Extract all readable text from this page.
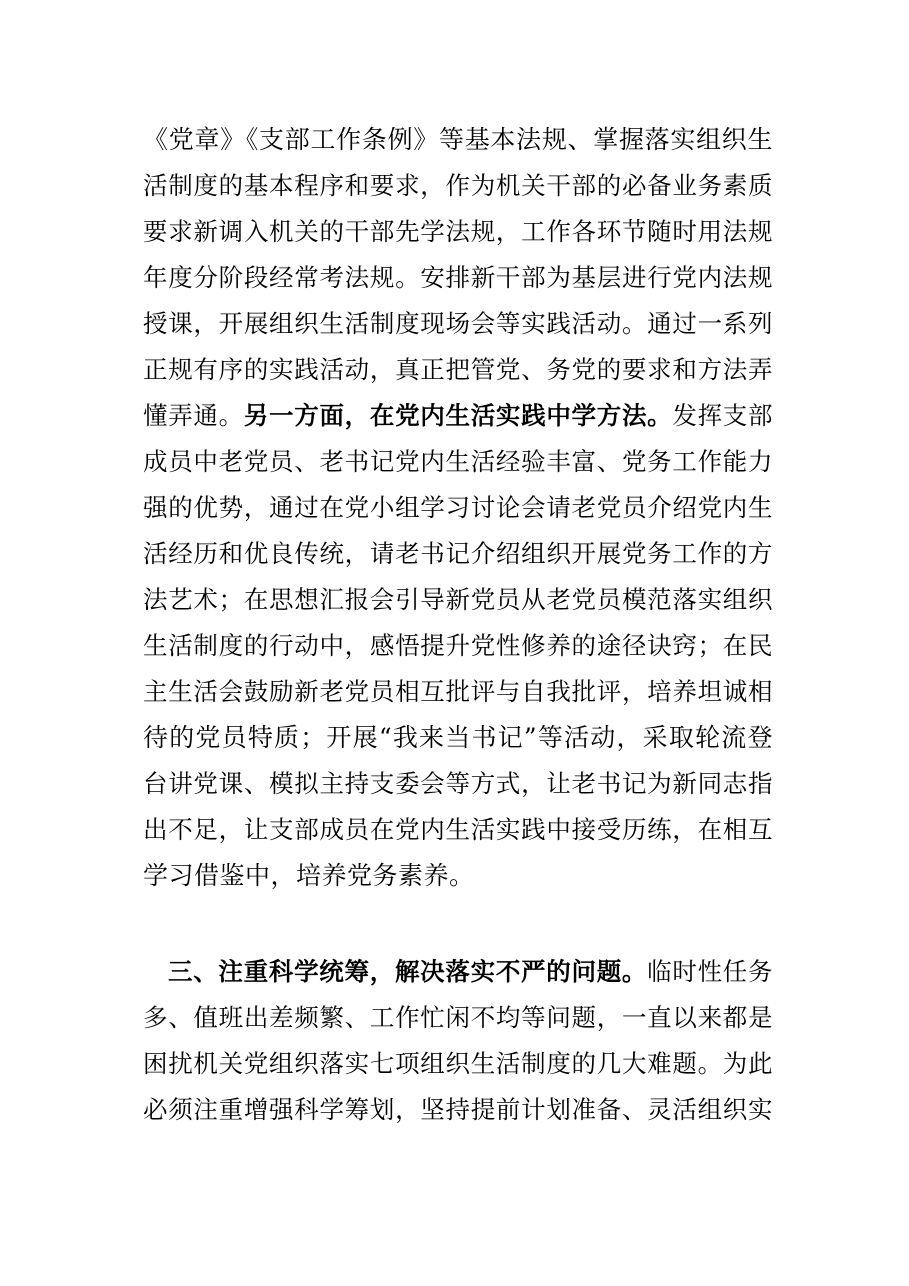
《党章》《支部工作条例》等基本法规、掌握落实组织生
活制度的基本程序和要求，作为机关干部的必备业务素质
要求新调入机关的干部先学法规，工作各环节随时用法规
年度分阶段经常考法规。安排新干部为基层进行党内法规
授课，开展组织生活制度现场会等实践活动。通过一系列
正规有序的实践活动，真正把管党、务党的要求和方法弄
懂弄通。另一方面，在党内生活实践中学方法。发挥支部
成员中老党员、老书记党内生活经验丰富、党务工作能力
强的优势，通过在党小组学习讨论会请老党员介绍党内生
活经历和优良传统，请老书记介绍组织开展党务工作的方
法艺术；在思想汇报会引导新党员从老党员模范落实组织
生活制度的行动中，感悟提升党性修养的途径诀窍；在民
主生活会鼓励新老党员相互批评与自我批评，培养坦诚相
待的党员特质；开展“我来当书记”等活动，采取轮流登
台讲党课、模拟主持支委会等方式，让老书记为新同志指
出不足，让支部成员在党内生活实践中接受历练，在相互
学习借鉴中，培养党务素养。
三、注重科学统筹，解决落实不严的问题。临时性任务
多、值班出差频繁、工作忙闲不均等问题，一直以来都是
困扰机关党组织落实七项组织生活制度的几大难题。为此
必须注重增强科学筹划，坚持提前计划准备、灵活组织实
